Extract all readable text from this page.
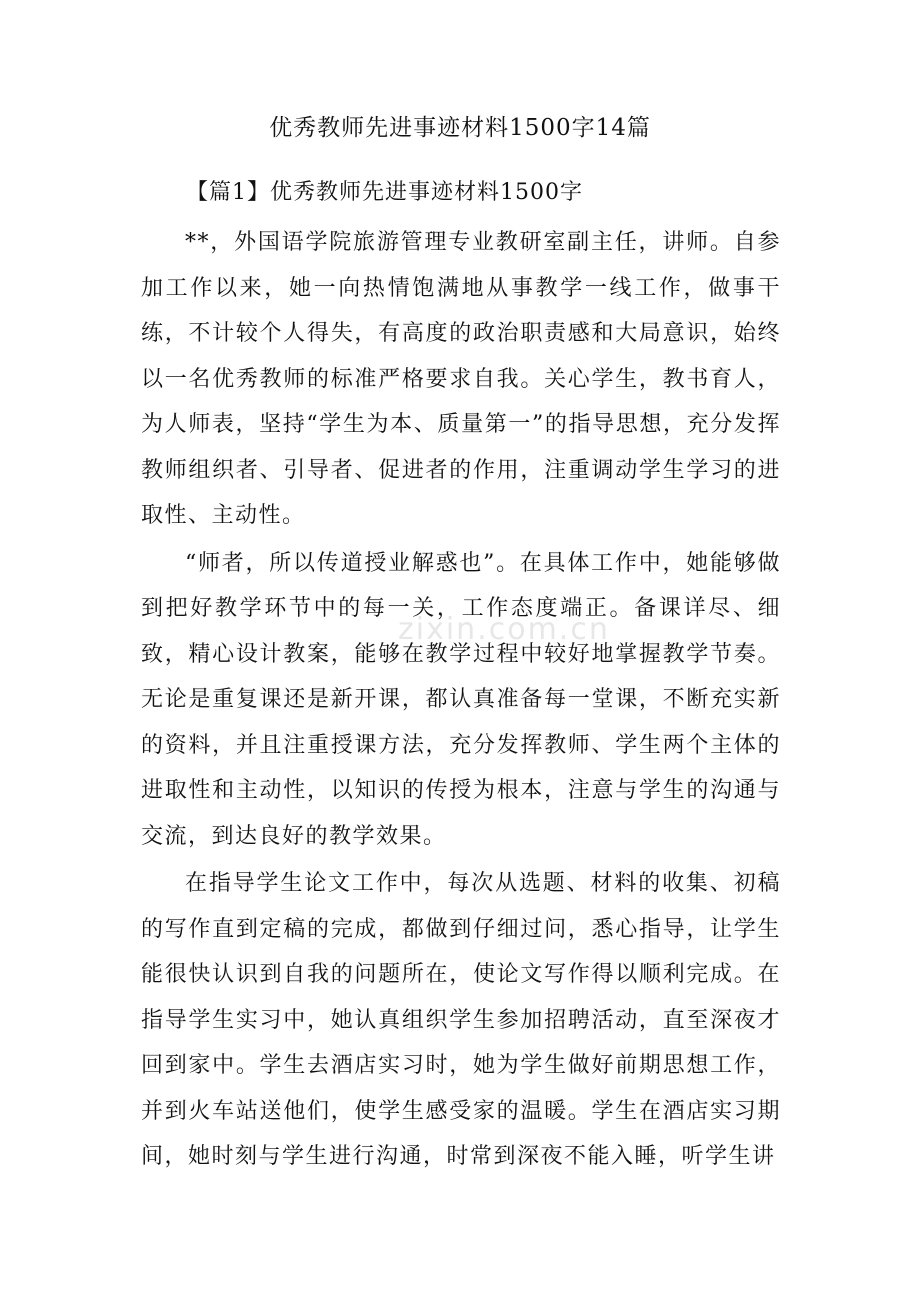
优秀教师先进事迹材料1500字14篇
【篇1】优秀教师先进事迹材料1500字

**，外国语学院旅游管理专业教研室副主任，讲师。自参加工作以来，她一向热情饱满地从事教学一线工作，做事干练，不计较个人得失，有高度的政治职责感和大局意识，始终以一名优秀教师的标准严格要求自我。关心学生，教书育人，为人师表，坚持“学生为本、质量第一”的指导思想，充分发挥教师组织者、引导者、促进者的作用，注重调动学生学习的进取性、主动性。

“师者，所以传道授业解惑也”。在具体工作中，她能够做到把好教学环节中的每一关，工作态度端正。备课详尽、细致，精心设计教案，能够在教学过程中较好地掌握教学节奏。无论是重复课还是新开课，都认真准备每一堂课，不断充实新的资料，并且注重授课方法，充分发挥教师、学生两个主体的进取性和主动性，以知识的传授为根本，注意与学生的沟通与交流，到达良好的教学效果。

在指导学生论文工作中，每次从选题、材料的收集、初稿的写作直到定稿的完成，都做到仔细过问，悉心指导，让学生能很快认识到自我的问题所在，使论文写作得以顺利完成。在指导学生实习中，她认真组织学生参加招聘活动，直至深夜才回到家中。学生去酒店实习时，她为学生做好前期思想工作，并到火车站送他们，使学生感受家的温暖。学生在酒店实习期间，她时刻与学生进行沟通，时常到深夜不能入睡，听学生讲

zixin.com.cn
